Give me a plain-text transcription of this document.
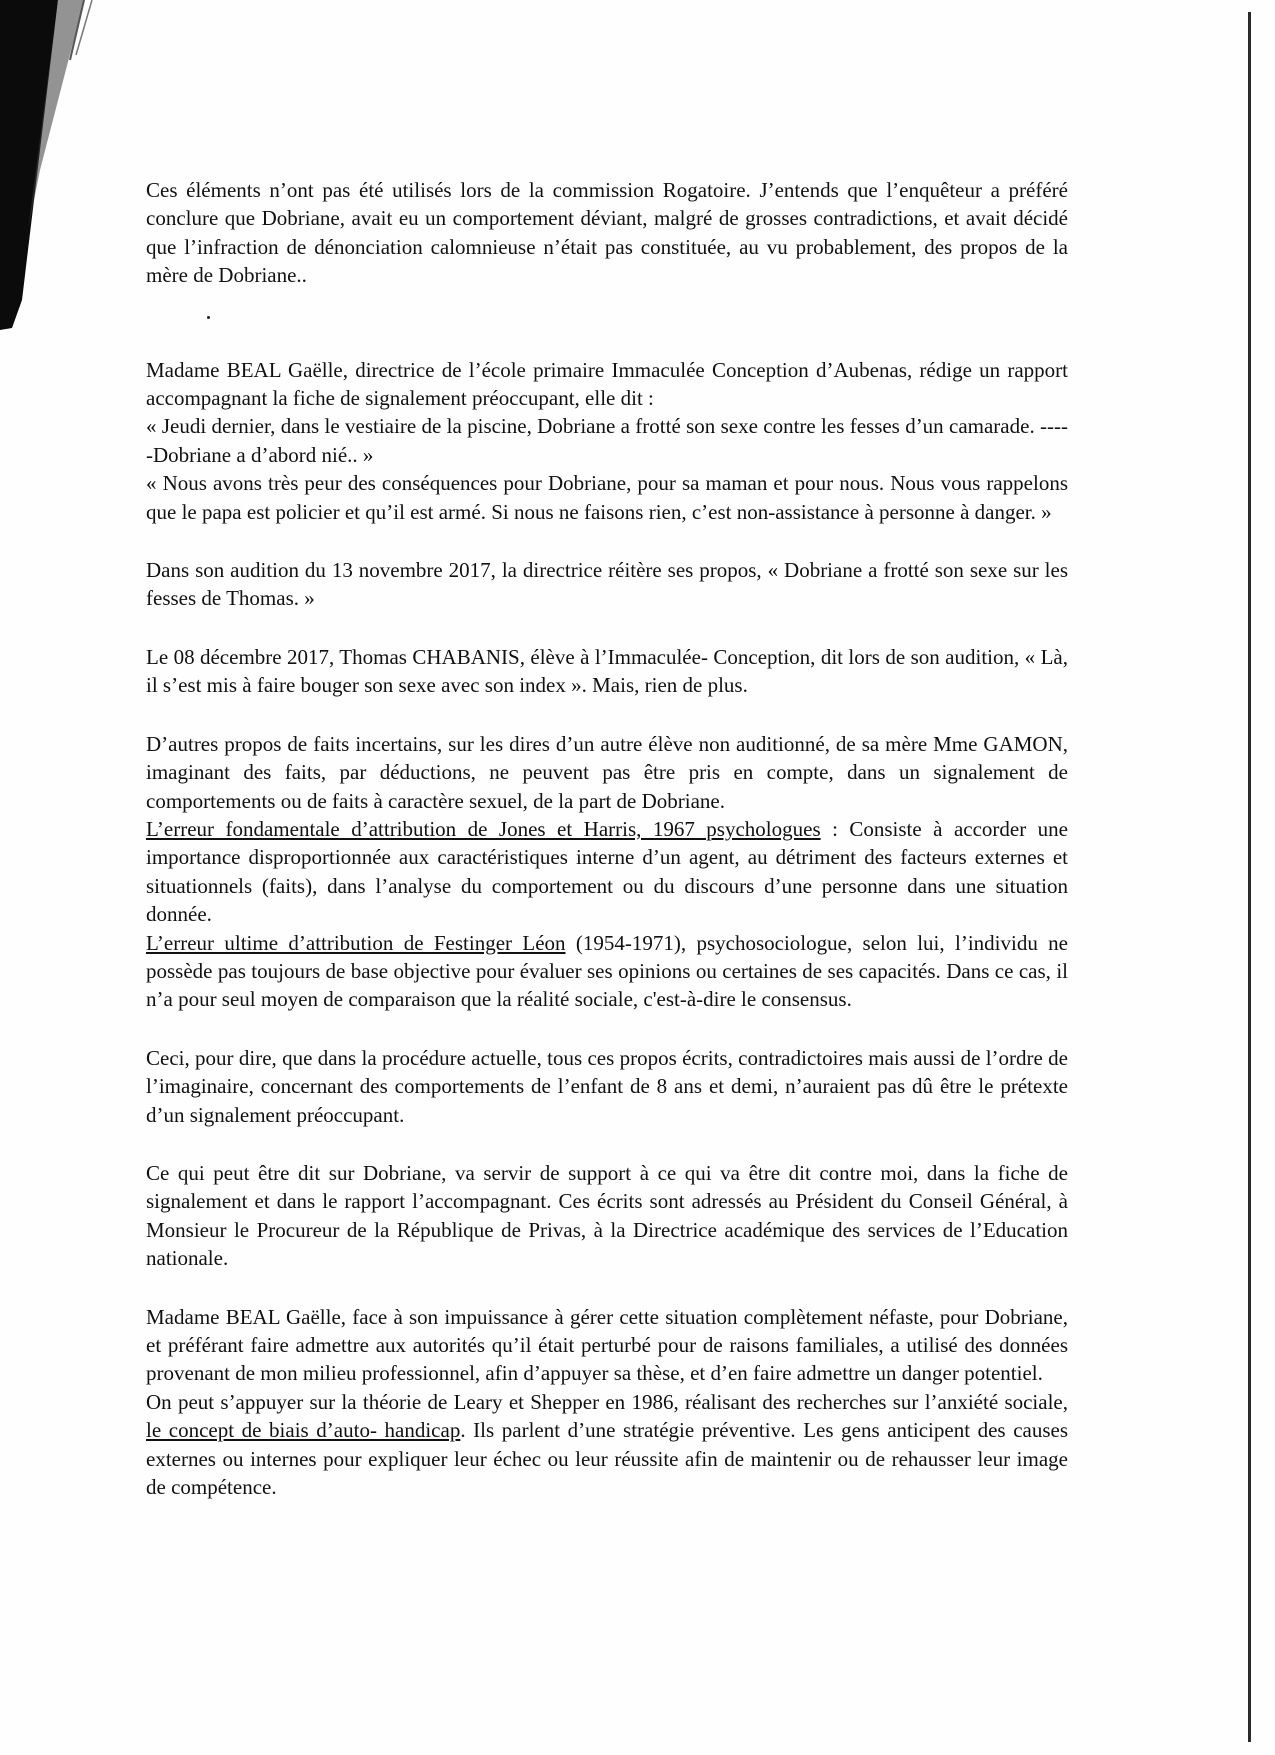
Ces éléments n’ont pas été utilisés lors de la commission Rogatoire. J’entends que l’enquêteur a préféré conclure que Dobriane, avait eu un comportement déviant, malgré de grosses contradictions, et avait décidé que l’infraction de dénonciation calomnieuse n’était pas constituée, au vu probablement, des propos de la mère de Dobriane..

Madame BEAL Gaëlle, directrice de l’école primaire Immaculée Conception d’Aubenas, rédige un rapport accompagnant la fiche de signalement préoccupant, elle dit :

« Jeudi dernier, dans le vestiaire de la piscine, Dobriane a frotté son sexe contre les fesses d’un camarade. -----Dobriane a d’abord nié.. »

« Nous avons très peur des conséquences pour Dobriane, pour sa maman et pour nous. Nous vous rappelons que le papa est policier et qu’il est armé. Si nous ne faisons rien, c’est non-assistance à personne à danger. »

Dans son audition du 13 novembre 2017, la directrice réitère ses propos, « Dobriane a frotté son sexe sur les fesses de Thomas. »

Le 08 décembre 2017, Thomas CHABANIS, élève à l’Immaculée- Conception, dit lors de son audition, « Là, il s’est mis à faire bouger son sexe avec son index ». Mais, rien de plus.

D’autres propos de faits incertains, sur les dires d’un autre élève non auditionné, de sa mère Mme GAMON, imaginant des faits, par déductions, ne peuvent pas être pris en compte, dans un signalement de comportements ou de faits à caractère sexuel, de la part de Dobriane.

L’erreur fondamentale d’attribution de Jones et Harris, 1967 psychologues : Consiste à accorder une importance disproportionnée aux caractéristiques interne d’un agent, au détriment des facteurs externes et situationnels (faits), dans l’analyse du comportement ou du discours d’une personne dans une situation donnée.

L’erreur ultime d’attribution de Festinger Léon (1954-1971), psychosociologue, selon lui, l’individu ne possède pas toujours de base objective pour évaluer ses opinions ou certaines de ses capacités. Dans ce cas, il n’a pour seul moyen de comparaison que la réalité sociale, c'est-à-dire le consensus.

Ceci, pour dire, que dans la procédure actuelle, tous ces propos écrits, contradictoires mais aussi de l’ordre de l’imaginaire, concernant des comportements de l’enfant de 8 ans et demi, n’auraient pas dû être le prétexte d’un signalement préoccupant.

Ce qui peut être dit sur Dobriane, va servir de support à ce qui va être dit contre moi, dans la fiche de signalement et dans le rapport l’accompagnant. Ces écrits sont adressés au Président du Conseil Général, à Monsieur le Procureur de la République de Privas, à la Directrice académique des services de l’Education nationale.

Madame BEAL Gaëlle, face à son impuissance à gérer cette situation complètement néfaste, pour Dobriane, et préférant faire admettre aux autorités qu’il était perturbé pour de raisons familiales, a utilisé des données provenant de mon milieu professionnel, afin d’appuyer sa thèse, et d’en faire admettre un danger potentiel.

On peut s’appuyer sur la théorie de Leary et Shepper en 1986, réalisant des recherches sur l’anxiété sociale, le concept de biais d’auto- handicap. Ils parlent d’une stratégie préventive. Les gens anticipent des causes externes ou internes pour expliquer leur échec ou leur réussite afin de maintenir ou de rehausser leur image de compétence.
